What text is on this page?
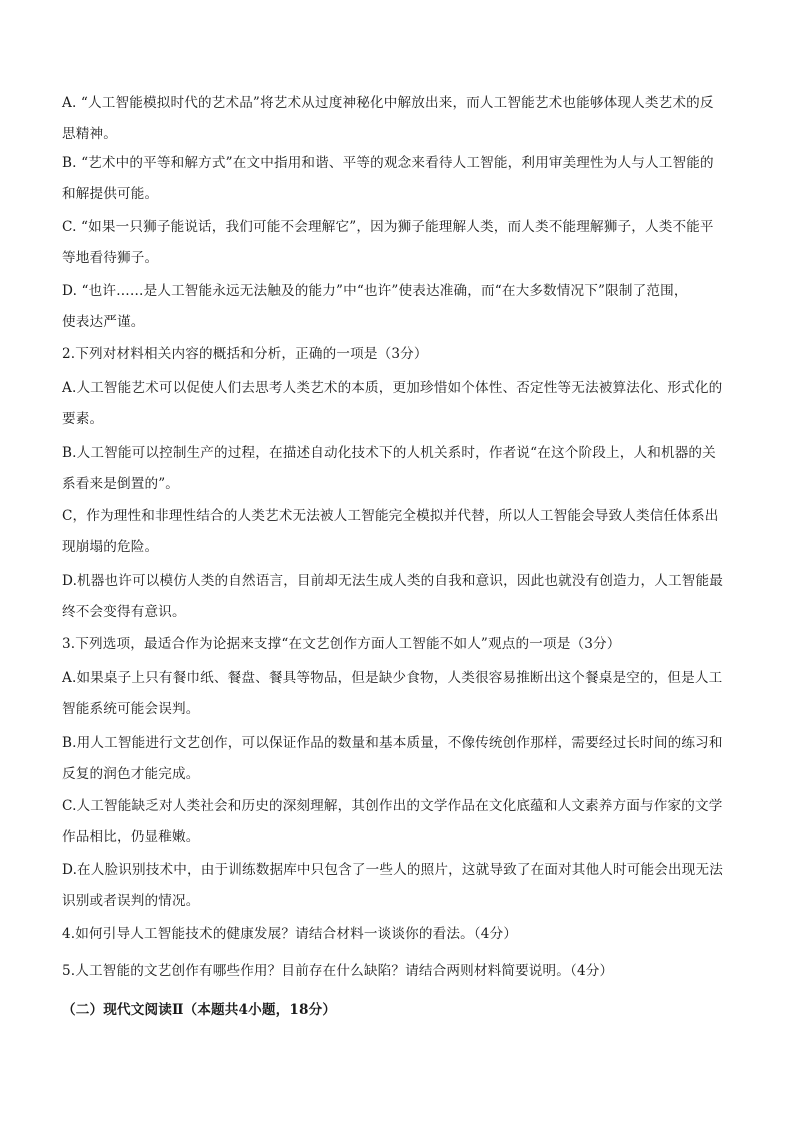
A. “人工智能模拟时代的艺术品”将艺术从过度神秘化中解放出来，而人工智能艺术也能够体现人类艺术的反
思精神。

B. “艺术中的平等和解方式”在文中指用和谐、平等的观念来看待人工智能，利用审美理性为人与人工智能的
和解提供可能。

C. “如果一只狮子能说话，我们可能不会理解它”，因为狮子能理解人类，而人类不能理解狮子，人类不能平
等地看待狮子。

D. “也许……是人工智能永远无法触及的能力”中“也许”使表达准确，而“在大多数情况下”限制了范围，
使表达严谨。

2.下列对材料相关内容的概括和分析，正确的一项是（3分）

A.人工智能艺术可以促使人们去思考人类艺术的本质，更加珍惜如个体性、否定性等无法被算法化、形式化的
要素。

B.人工智能可以控制生产的过程，在描述自动化技术下的人机关系时，作者说“在这个阶段上，人和机器的关
系看来是倒置的”。

C，作为理性和非理性结合的人类艺术无法被人工智能完全模拟并代替，所以人工智能会导致人类信任体系出
现崩塌的危险。

D.机器也许可以模仿人类的自然语言，目前却无法生成人类的自我和意识，因此也就没有创造力，人工智能最
终不会变得有意识。

3.下列选项，最适合作为论据来支撑“在文艺创作方面人工智能不如人”观点的一项是（3分）

A.如果桌子上只有餐巾纸、餐盘、餐具等物品，但是缺少食物，人类很容易推断出这个餐桌是空的，但是人工
智能系统可能会误判。

B.用人工智能进行文艺创作，可以保证作品的数量和基本质量，不像传统创作那样，需要经过长时间的练习和
反复的润色才能完成。

C.人工智能缺乏对人类社会和历史的深刻理解，其创作出的文学作品在文化底蕴和人文素养方面与作家的文学
作品相比，仍显稚嫩。

D.在人脸识别技术中，由于训练数据库中只包含了一些人的照片，这就导致了在面对其他人时可能会出现无法
识别或者误判的情况。

4.如何引导人工智能技术的健康发展？请结合材料一谈谈你的看法。（4分）

5.人工智能的文艺创作有哪些作用？目前存在什么缺陷？请结合两则材料简要说明。（4分）

（二）现代文阅读Ⅱ（本题共4小题，18分）
